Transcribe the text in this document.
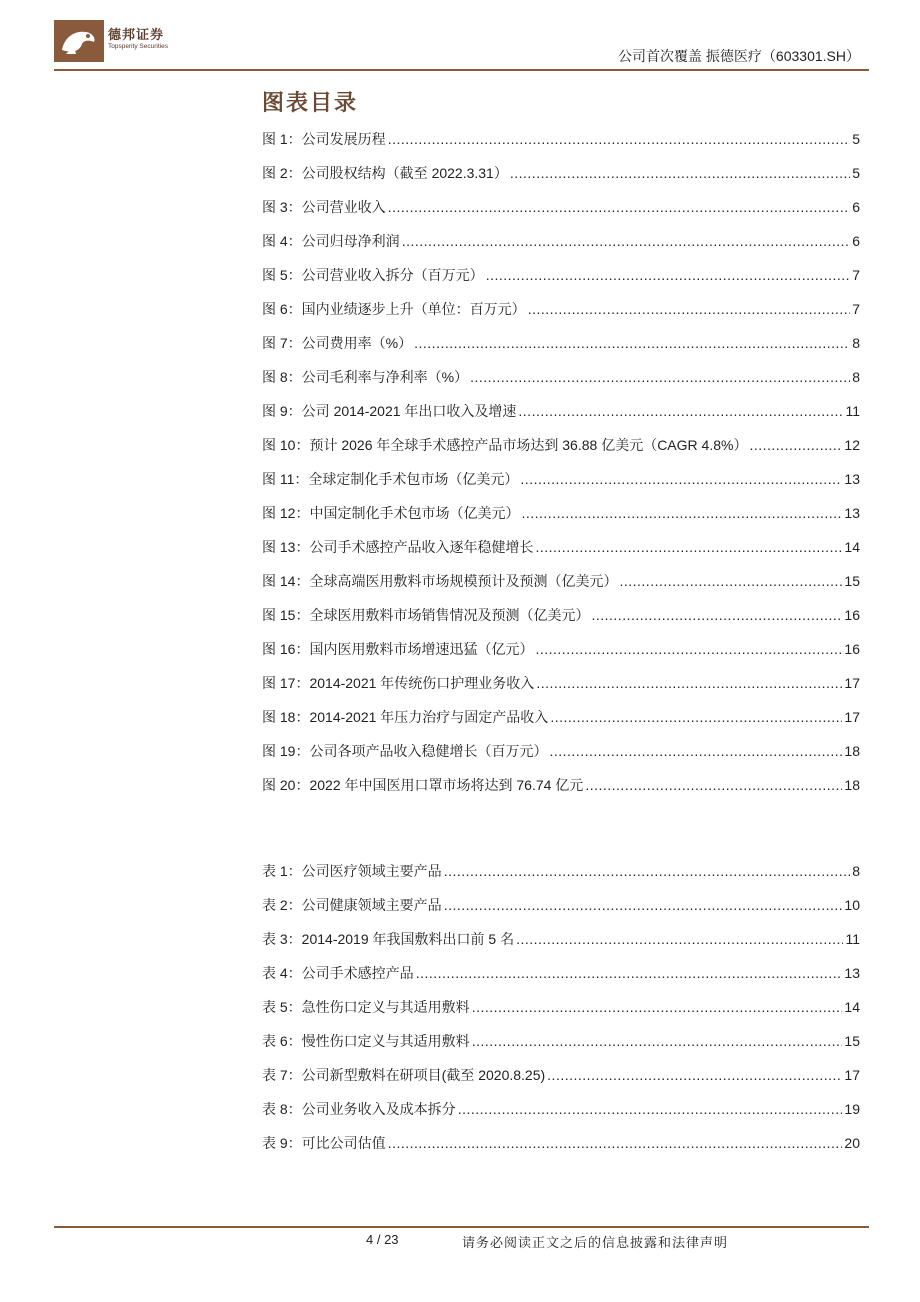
德邦证券
Topsperity Securities
公司首次覆盖 振德医疗（603301.SH）
图表目录
图 1：公司发展历程 .....	5
图 2：公司股权结构（截至 2022.3.31） .....	5
图 3：公司营业收入 .....	6
图 4：公司归母净利润 .....	6
图 5：公司营业收入拆分（百万元） .....	7
图 6：国内业绩逐步上升（单位：百万元） .....	7
图 7：公司费用率（%） .....	8
图 8：公司毛利率与净利率（%） .....	8
图 9：公司 2014-2021 年出口收入及增速 .....	11
图 10：预计 2026 年全球手术感控产品市场达到 36.88 亿美元（CAGR 4.8%） .....	12
图 11：全球定制化手术包市场（亿美元） .....	13
图 12：中国定制化手术包市场（亿美元） .....	13
图 13：公司手术感控产品收入逐年稳健增长 .....	14
图 14：全球高端医用敷料市场规模预计及预测（亿美元） .....	15
图 15：全球医用敷料市场销售情况及预测（亿美元） .....	16
图 16：国内医用敷料市场增速迅猛（亿元） .....	16
图 17：2014-2021 年传统伤口护理业务收入 .....	17
图 18：2014-2021 年压力治疗与固定产品收入 .....	17
图 19：公司各项产品收入稳健增长（百万元） .....	18
图 20：2022 年中国医用口罩市场将达到 76.74 亿元 .....	18
表 1：公司医疗领域主要产品 .....	8
表 2：公司健康领域主要产品 .....	10
表 3：2014-2019 年我国敷料出口前 5 名 .....	11
表 4：公司手术感控产品 .....	13
表 5：急性伤口定义与其适用敷料 .....	14
表 6：慢性伤口定义与其适用敷料 .....	15
表 7：公司新型敷料在研项目(截至 2020.8.25) .....	17
表 8：公司业务收入及成本拆分 .....	19
表 9：可比公司估值 .....	20
4 / 23	请务必阅读正文之后的信息披露和法律声明
